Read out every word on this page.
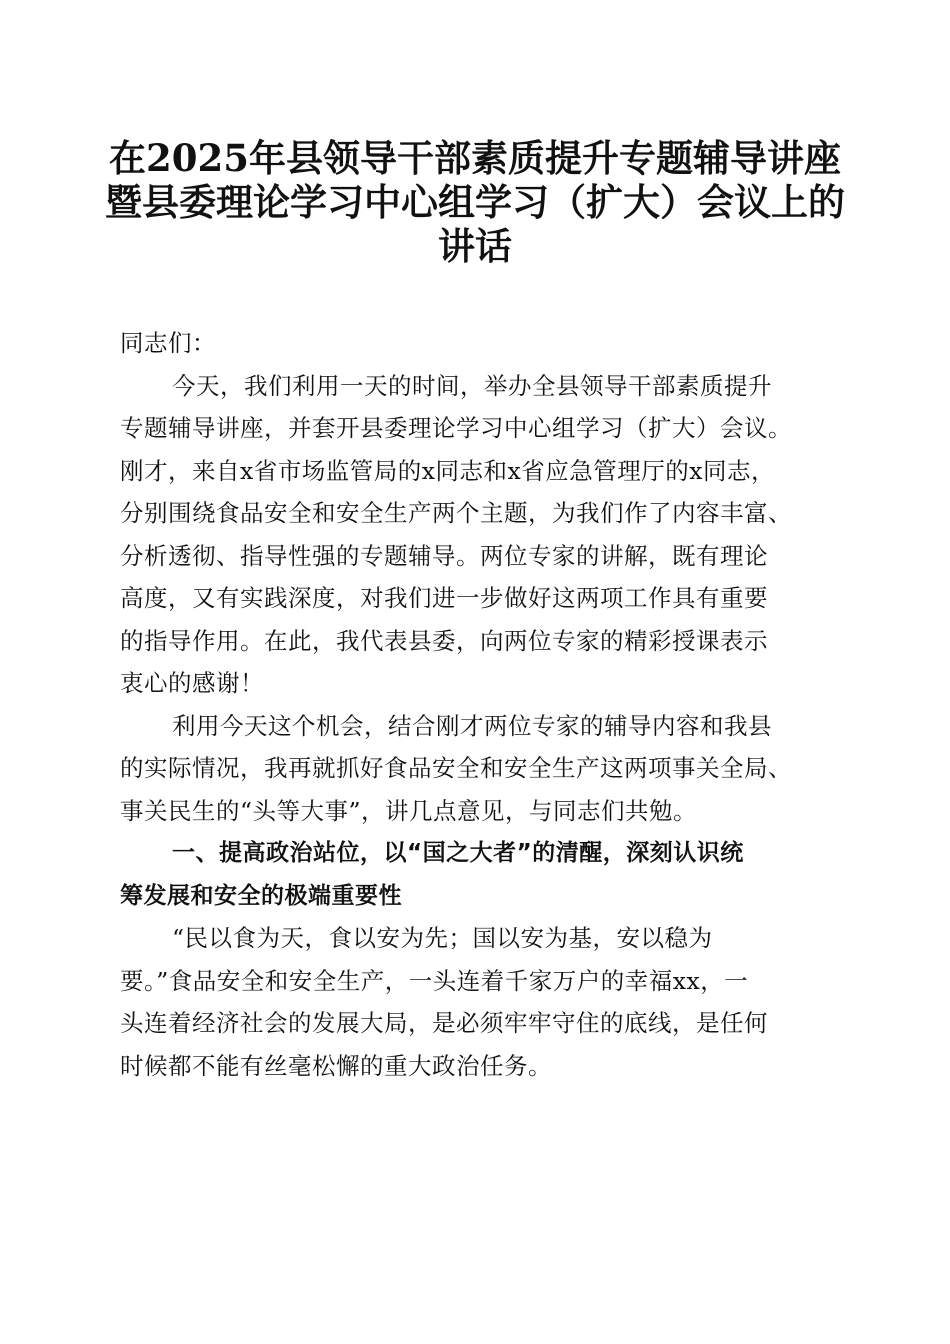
在2025年县领导干部素质提升专题辅导讲座
暨县委理论学习中心组学习（扩大）会议上的
讲话
同志们：
今天，我们利用一天的时间，举办全县领导干部素质提升
专题辅导讲座，并套开县委理论学习中心组学习（扩大）会议。
刚才，来自x省市场监管局的x同志和x省应急管理厅的x同志，
分别围绕食品安全和安全生产两个主题，为我们作了内容丰富、
分析透彻、指导性强的专题辅导。两位专家的讲解，既有理论
高度，又有实践深度，对我们进一步做好这两项工作具有重要
的指导作用。在此，我代表县委，向两位专家的精彩授课表示
衷心的感谢！
利用今天这个机会，结合刚才两位专家的辅导内容和我县
的实际情况，我再就抓好食品安全和安全生产这两项事关全局、
事关民生的“头等大事”，讲几点意见，与同志们共勉。
一、提高政治站位，以“国之大者”的清醒，深刻认识统
筹发展和安全的极端重要性
“民以食为天，食以安为先；国以安为基，安以稳为
要。”食品安全和安全生产，一头连着千家万户的幸福xx，一
头连着经济社会的发展大局，是必须牢牢守住的底线，是任何
时候都不能有丝毫松懈的重大政治任务。
